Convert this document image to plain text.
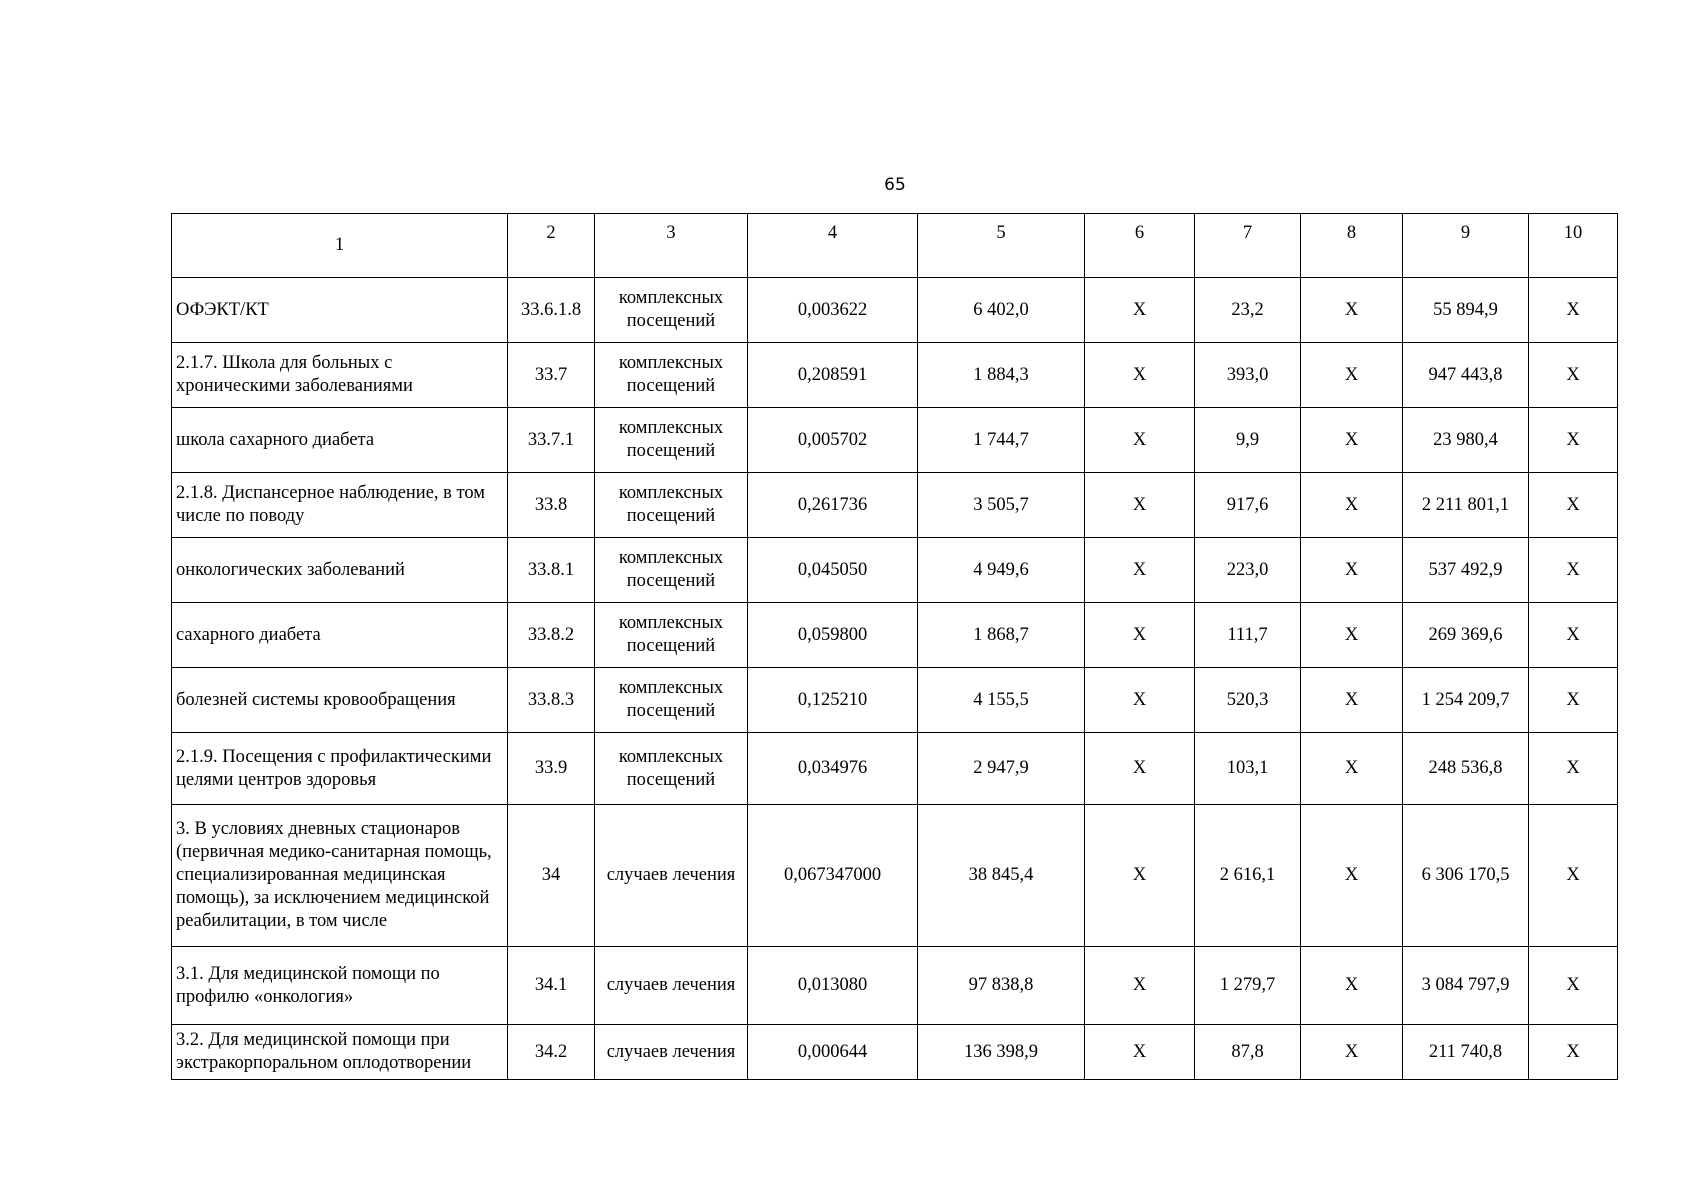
65
1	2	3	4	5	6	7	8	9	10
ОФЭКТ/КТ	33.6.1.8	комплексных посещений	0,003622	6 402,0	X	23,2	X	55 894,9	X
2.1.7. Школа для больных с хроническими заболеваниями	33.7	комплексных посещений	0,208591	1 884,3	X	393,0	X	947 443,8	X
школа сахарного диабета	33.7.1	комплексных посещений	0,005702	1 744,7	X	9,9	X	23 980,4	X
2.1.8. Диспансерное наблюдение, в том числе по поводу	33.8	комплексных посещений	0,261736	3 505,7	X	917,6	X	2 211 801,1	X
онкологических заболеваний	33.8.1	комплексных посещений	0,045050	4 949,6	X	223,0	X	537 492,9	X
сахарного диабета	33.8.2	комплексных посещений	0,059800	1 868,7	X	111,7	X	269 369,6	X
болезней системы кровообращения	33.8.3	комплексных посещений	0,125210	4 155,5	X	520,3	X	1 254 209,7	X
2.1.9. Посещения с профилактическими целями центров здоровья	33.9	комплексных посещений	0,034976	2 947,9	X	103,1	X	248 536,8	X
3. В условиях дневных стационаров (первичная медико-санитарная помощь, специализированная медицинская помощь), за исключением медицинской реабилитации, в том числе	34	случаев лечения	0,067347000	38 845,4	X	2 616,1	X	6 306 170,5	X
3.1. Для медицинской помощи по профилю «онкология»	34.1	случаев лечения	0,013080	97 838,8	X	1 279,7	X	3 084 797,9	X
3.2. Для медицинской помощи при экстракорпоральном оплодотворении	34.2	случаев лечения	0,000644	136 398,9	X	87,8	X	211 740,8	X
